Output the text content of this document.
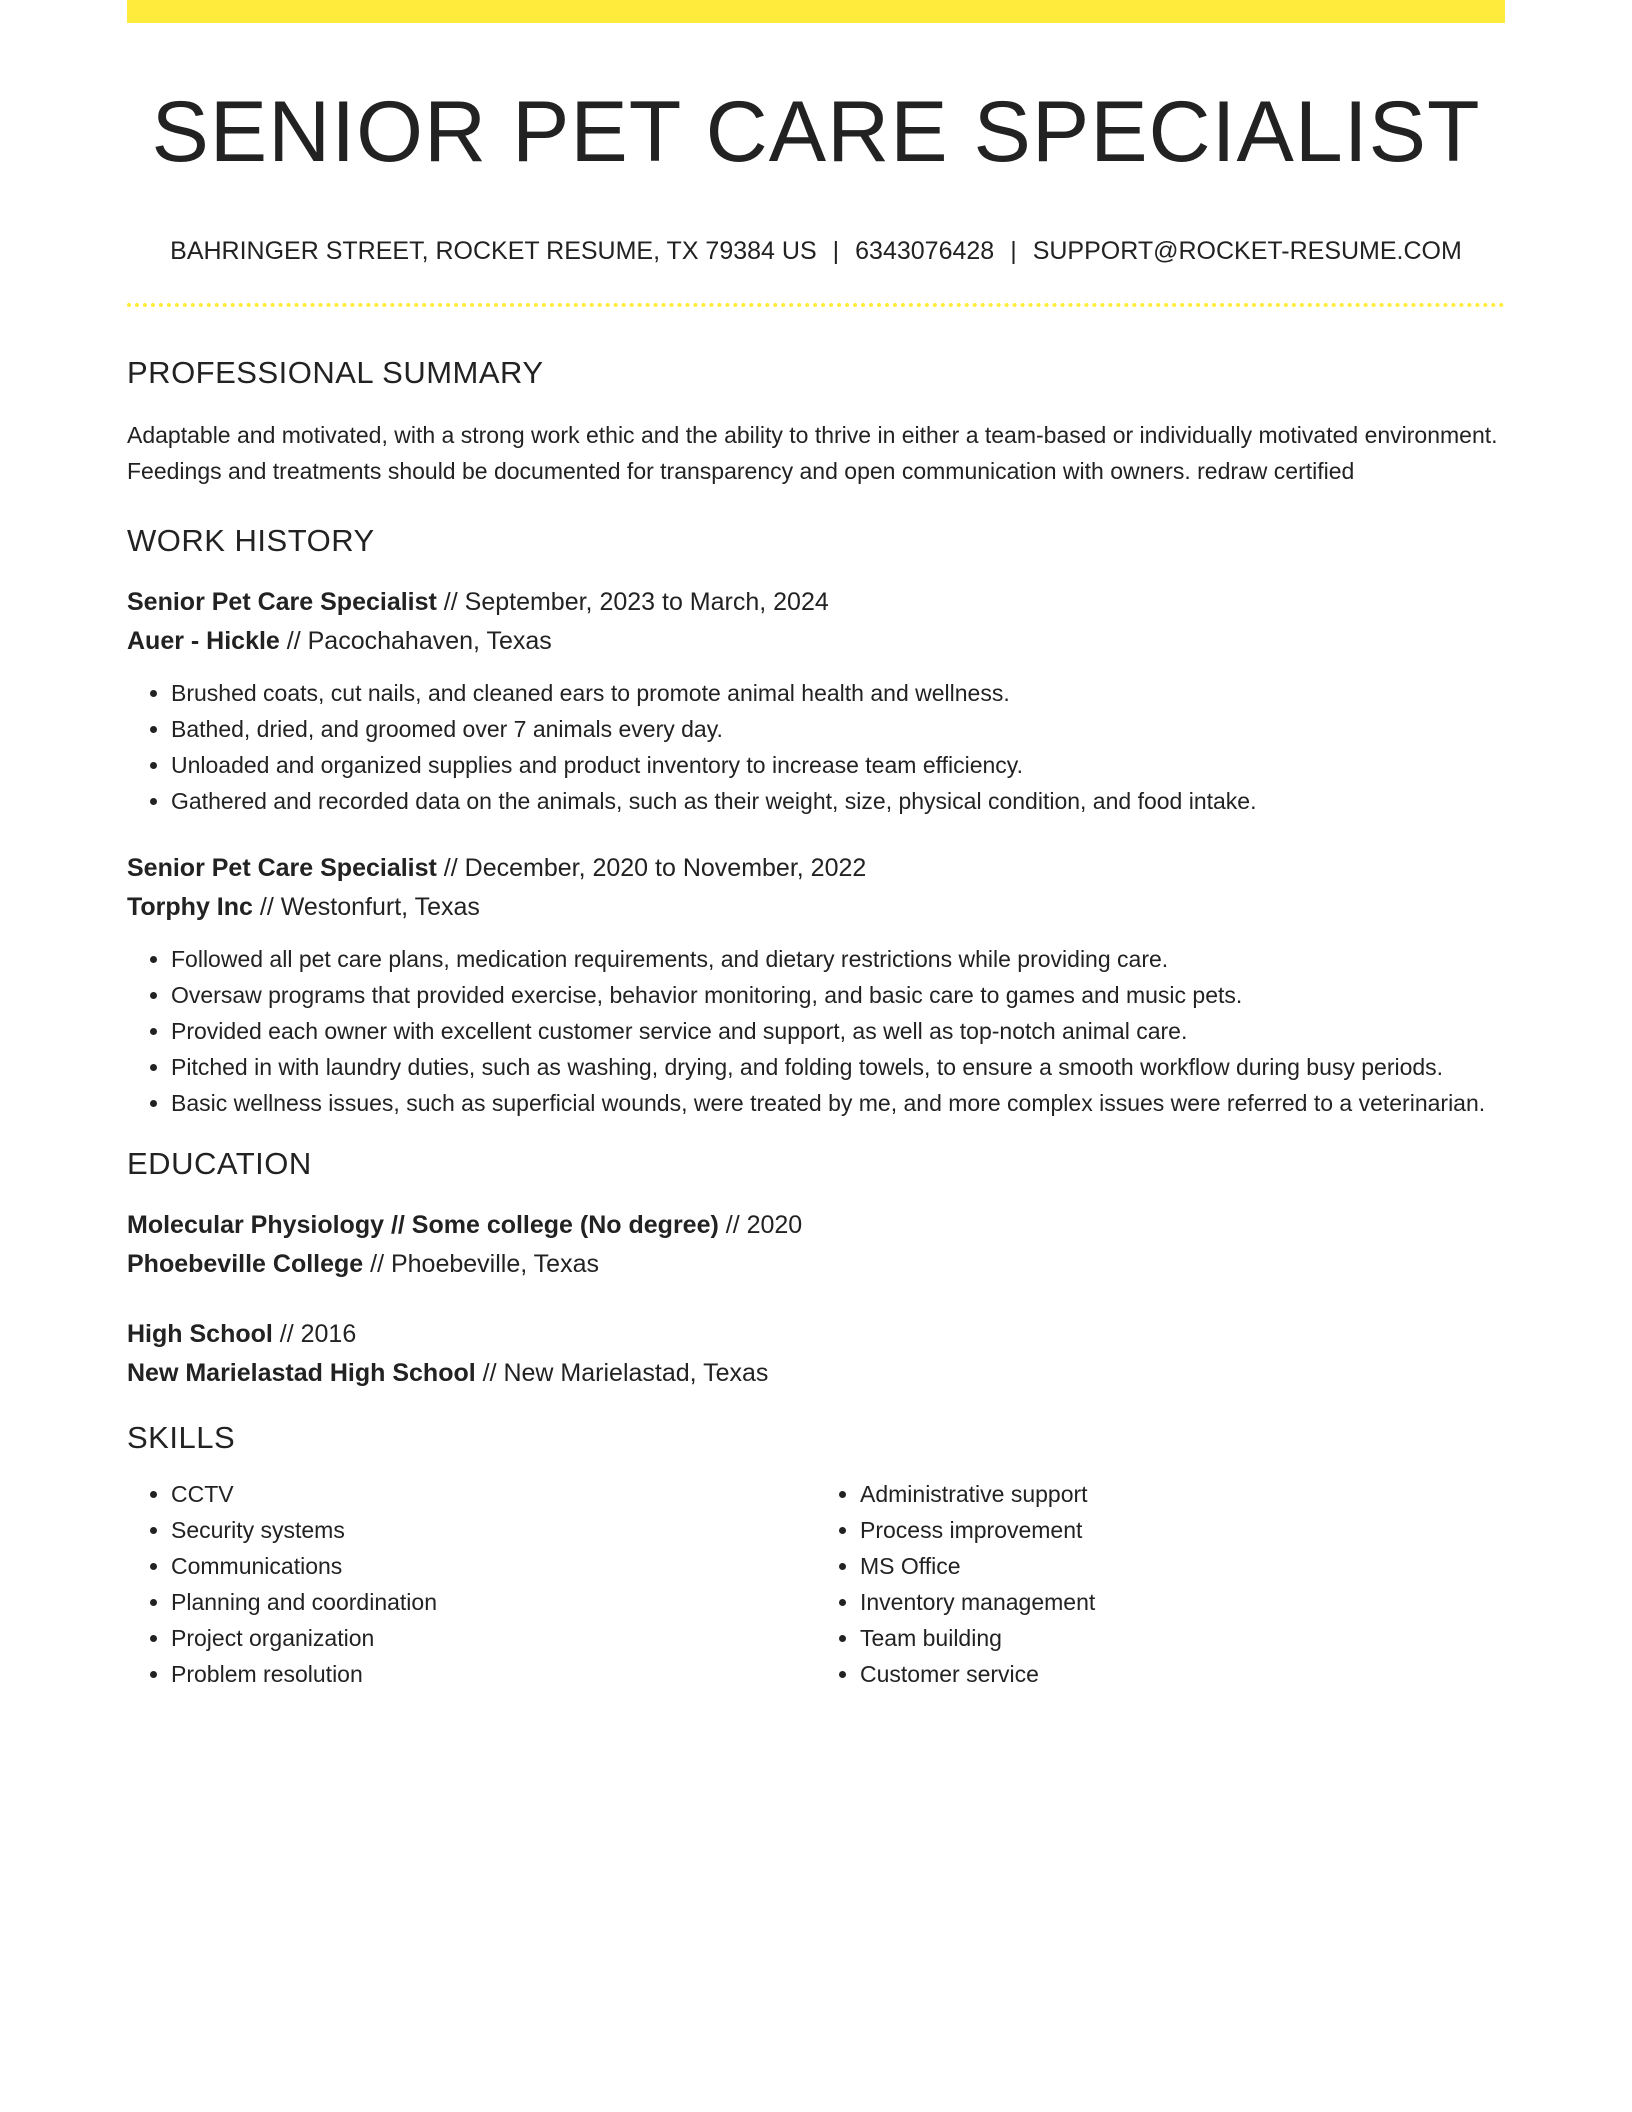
SENIOR PET CARE SPECIALIST
BAHRINGER STREET, ROCKET RESUME, TX 79384 US | 6343076428 | SUPPORT@ROCKET-RESUME.COM
PROFESSIONAL SUMMARY

Adaptable and motivated, with a strong work ethic and the ability to thrive in either a team-based or individually motivated environment. Feedings and treatments should be documented for transparency and open communication with owners. redraw certified

WORK HISTORY
Senior Pet Care Specialist // September, 2023 to March, 2024
Auer - Hickle // Pacochahaven, Texas
• Brushed coats, cut nails, and cleaned ears to promote animal health and wellness.
• Bathed, dried, and groomed over 7 animals every day.
• Unloaded and organized supplies and product inventory to increase team efficiency.
• Gathered and recorded data on the animals, such as their weight, size, physical condition, and food intake.
Senior Pet Care Specialist // December, 2020 to November, 2022
Torphy Inc // Westonfurt, Texas
• Followed all pet care plans, medication requirements, and dietary restrictions while providing care.
• Oversaw programs that provided exercise, behavior monitoring, and basic care to games and music pets.
• Provided each owner with excellent customer service and support, as well as top-notch animal care.
• Pitched in with laundry duties, such as washing, drying, and folding towels, to ensure a smooth workflow during busy periods.
• Basic wellness issues, such as superficial wounds, were treated by me, and more complex issues were referred to a veterinarian.
EDUCATION
Molecular Physiology // Some college (No degree) // 2020
Phoebeville College // Phoebeville, Texas
High School // 2016
New Marielastad High School // New Marielastad, Texas
SKILLS
• CCTV
• Security systems
• Communications
• Planning and coordination
• Project organization
• Problem resolution
• Administrative support
• Process improvement
• MS Office
• Inventory management
• Team building
• Customer service
